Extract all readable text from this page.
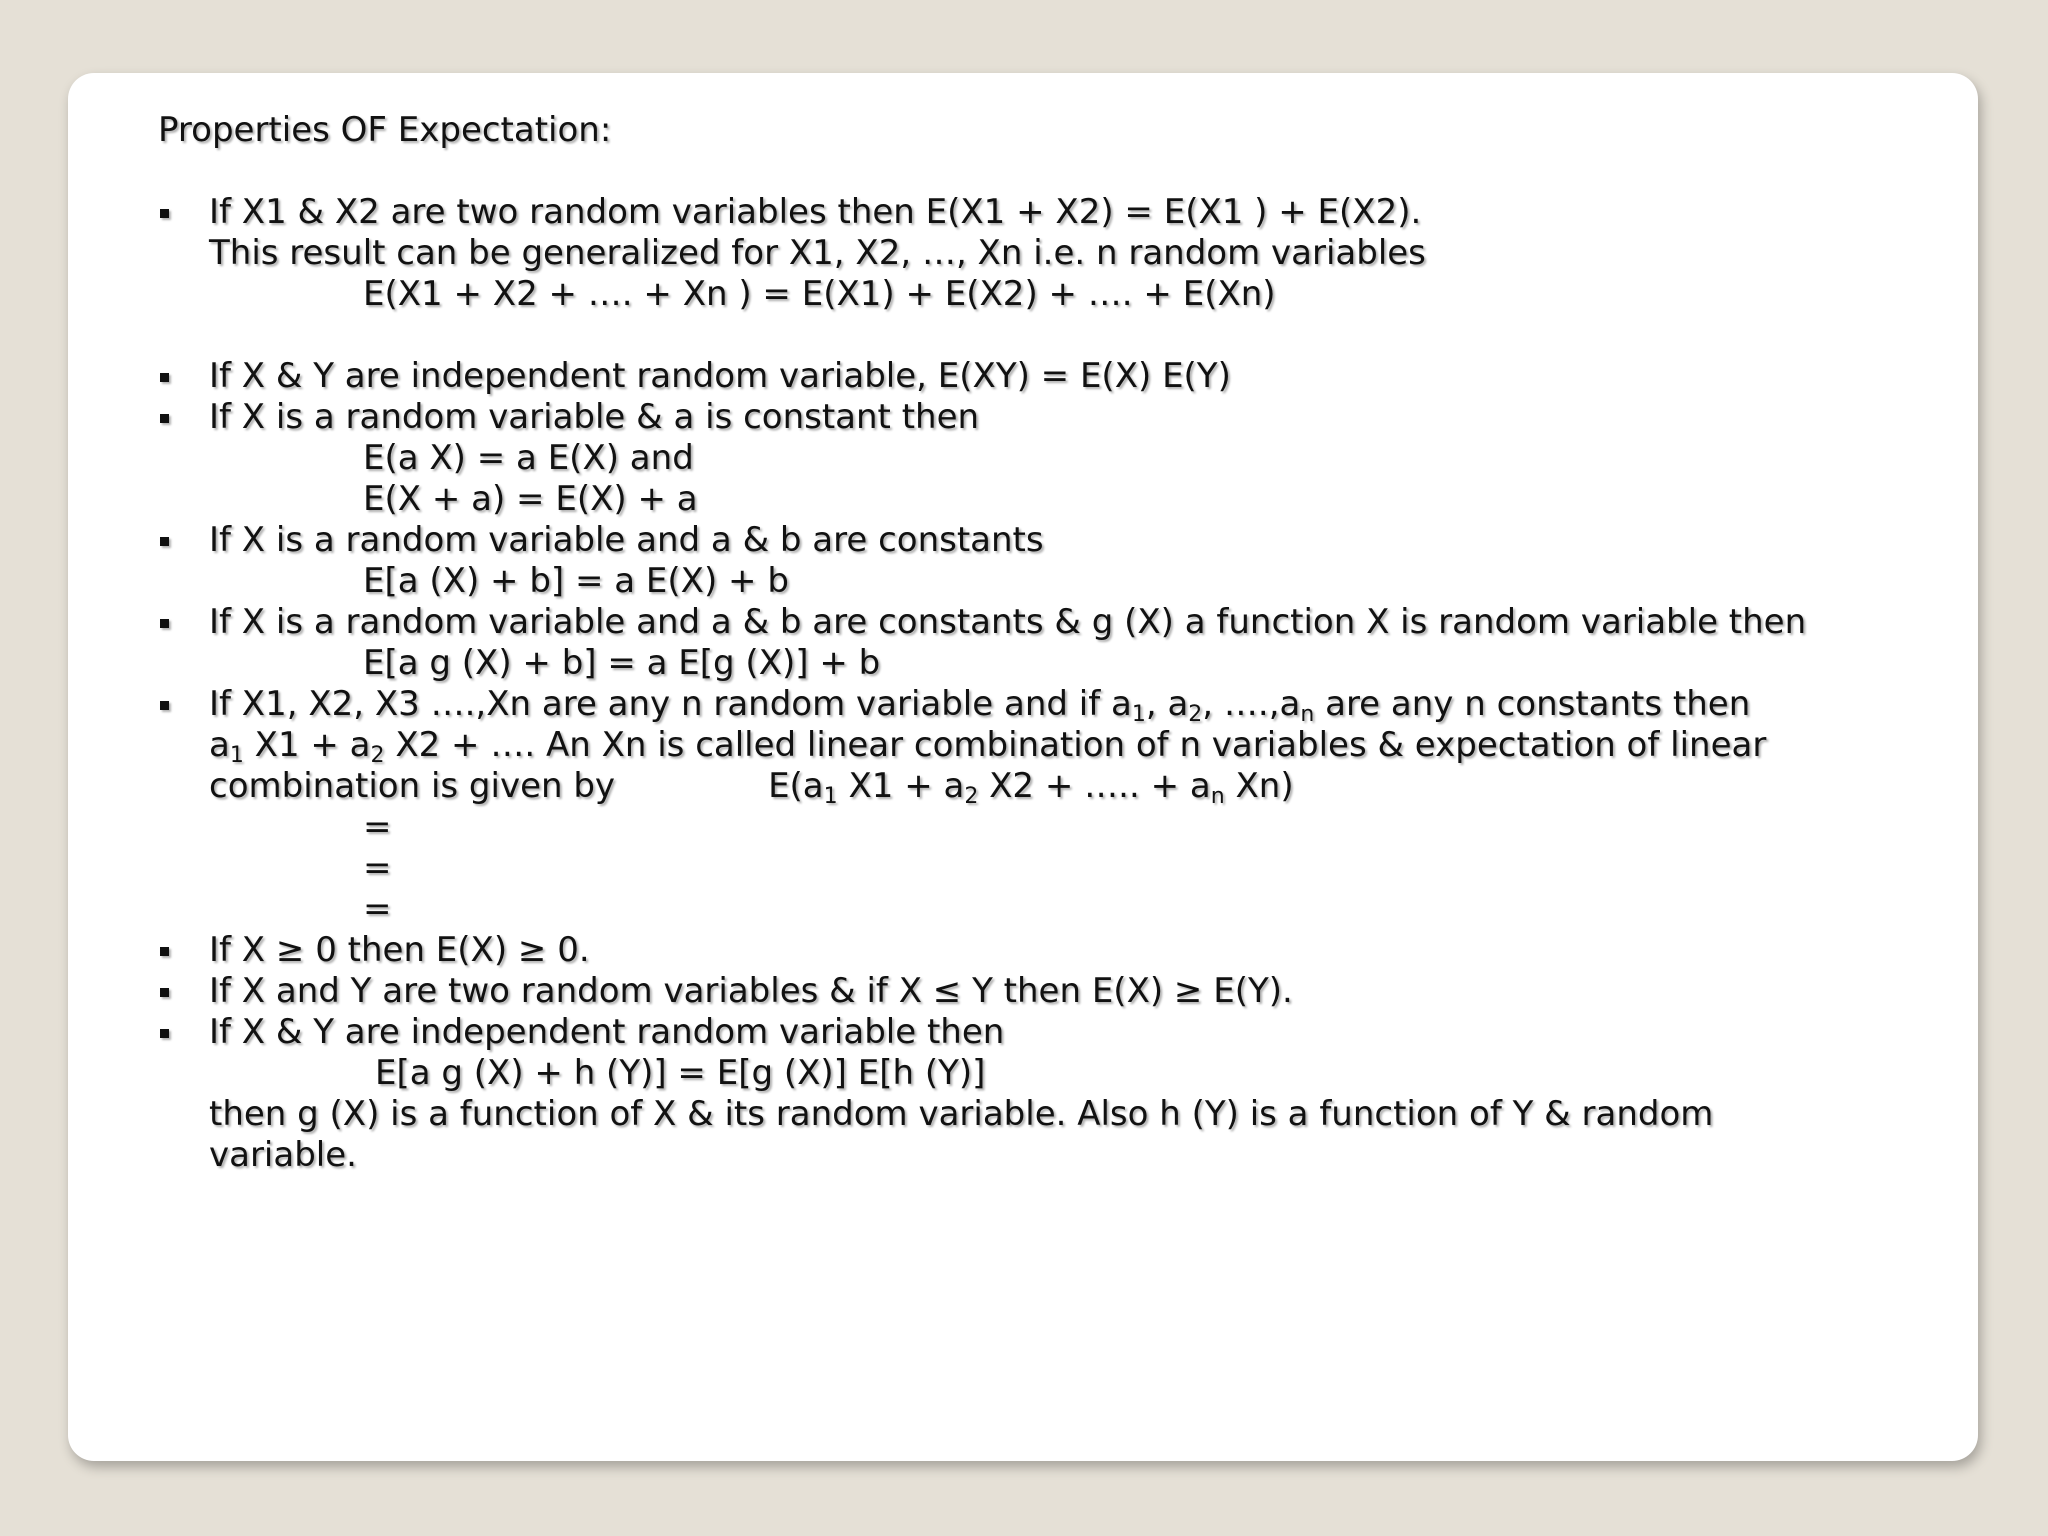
Properties OF Expectation:
If X1 & X2 are two random variables then E(X1 + X2) = E(X1 ) + E(X2).
This result can be generalized for X1, X2, …, Xn i.e. n random variables
E(X1 + X2 + …. + Xn ) = E(X1) + E(X2) + …. + E(Xn)
If X & Y are independent random variable, E(XY) = E(X) E(Y)
If X is a random variable & a is constant then
E(a X) = a E(X) and
E(X + a) = E(X) + a
If X is a random variable and a & b are constants
E[a (X) + b] = a E(X) + b
If X is a random variable and a & b are constants & g (X) a function X is random variable then
E[a g (X) + b] = a E[g (X)] + b
If X1, X2, X3 ….,Xn are any n random variable and if $a_1$, $a_2$, $\dots.,a_n$ are any n constants then
$a_1$ $X1 + a_2$ X2 + …. An Xn is called linear combination of n variables & expectation of linear
combination is given by	$E(a_1$ $X1 + a_2$ X2 + ….. + $a_n$ Xn)
=
=
=
If X ≥ 0 then E(X) ≥ 0.
If X and Y are two random variables & if X ≤ Y then E(X) ≥ E(Y).
If X & Y are independent random variable then
E[a g (X) + h (Y)] = E[g (X)] E[h (Y)]
then g (X) is a function of X & its random variable. Also h (Y) is a function of Y & random
variable.
